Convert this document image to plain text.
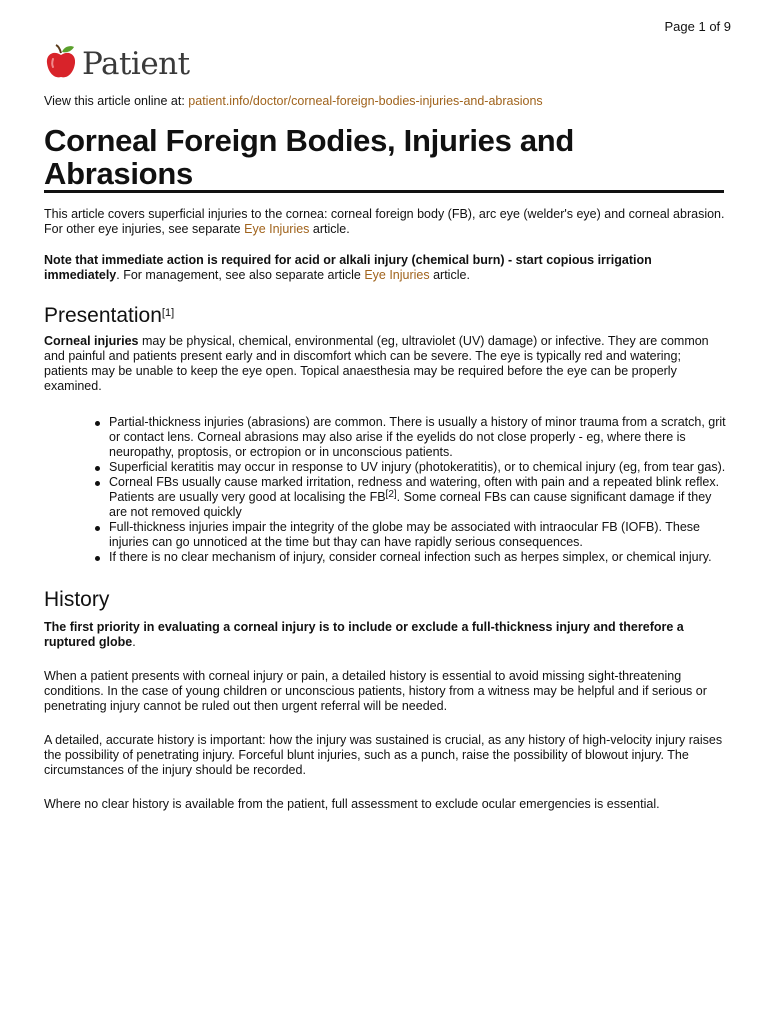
Page 1 of 9
Patient
View this article online at: patient.info/doctor/corneal-foreign-bodies-injuries-and-abrasions
Corneal Foreign Bodies, Injuries and Abrasions

This article covers superficial injuries to the cornea: corneal foreign body (FB), arc eye (welder's eye) and corneal abrasion. For other eye injuries, see separate Eye Injuries article.

Note that immediate action is required for acid or alkali injury (chemical burn) - start copious irrigation immediately. For management, see also separate article Eye Injuries article.

Presentation[1]

Corneal injuries may be physical, chemical, environmental (eg, ultraviolet (UV) damage) or infective. They are common and painful and patients present early and in discomfort which can be severe. The eye is typically red and watering; patients may be unable to keep the eye open. Topical anaesthesia may be required before the eye can be properly examined.

Partial-thickness injuries (abrasions) are common. There is usually a history of minor trauma from a scratch, grit or contact lens. Corneal abrasions may also arise if the eyelids do not close properly - eg, where there is neuropathy, proptosis, or ectropion or in unconscious patients.
Superficial keratitis may occur in response to UV injury (photokeratitis), or to chemical injury (eg, from tear gas).
Corneal FBs usually cause marked irritation, redness and watering, often with pain and a repeated blink reflex. Patients are usually very good at localising the FB[2]. Some corneal FBs can cause significant damage if they are not removed quickly
Full-thickness injuries impair the integrity of the globe may be associated with intraocular FB (IOFB). These injuries can go unnoticed at the time but thay can have rapidly serious consequences.
If there is no clear mechanism of injury, consider corneal infection such as herpes simplex, or chemical injury.
History

The first priority in evaluating a corneal injury is to include or exclude a full-thickness injury and therefore a ruptured globe.

When a patient presents with corneal injury or pain, a detailed history is essential to avoid missing sight-threatening conditions. In the case of young children or unconscious patients, history from a witness may be helpful and if serious or penetrating injury cannot be ruled out then urgent referral will be needed.

A detailed, accurate history is important: how the injury was sustained is crucial, as any history of high-velocity injury raises the possibility of penetrating injury. Forceful blunt injuries, such as a punch, raise the possibility of blowout injury. The circumstances of the injury should be recorded.

Where no clear history is available from the patient, full assessment to exclude ocular emergencies is essential.
